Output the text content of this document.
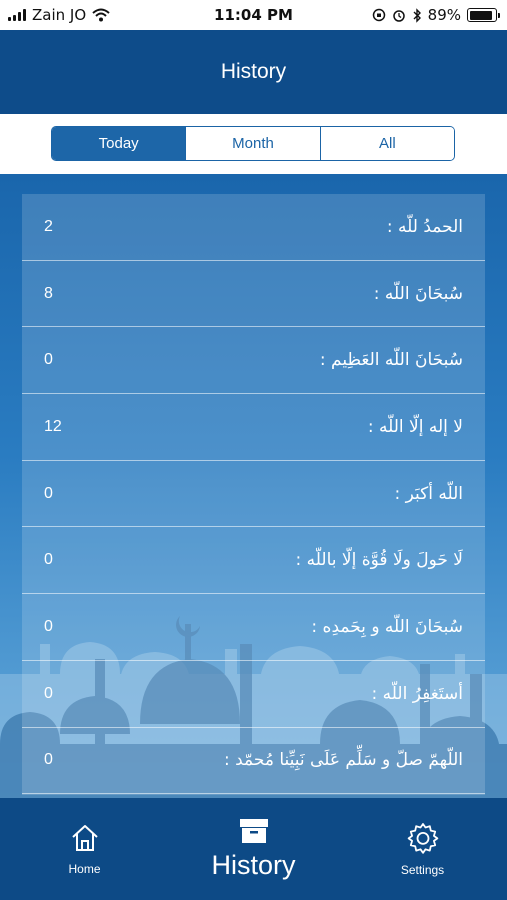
Zain JO	11:04 PM	89%
History
Today	Month	All
2	الحمدُ للّه :
8	سُبحَانَ اللّه :
0	سُبحَانَ اللّه العَظِيم :
12	لا إله إلّا اللّه :
0	اللّه أكبَر :
0	لَا حَولَ ولَا قُوَّة إلّا باللّه :
0	سُبحَانَ اللّه و بِحَمدِه :
0	أستَغفِرُ اللّه :
0	اللّهمّ صلّ و سَلِّم عَلَى نَبِيِّنا مُحمّد :
Home	History	Settings
